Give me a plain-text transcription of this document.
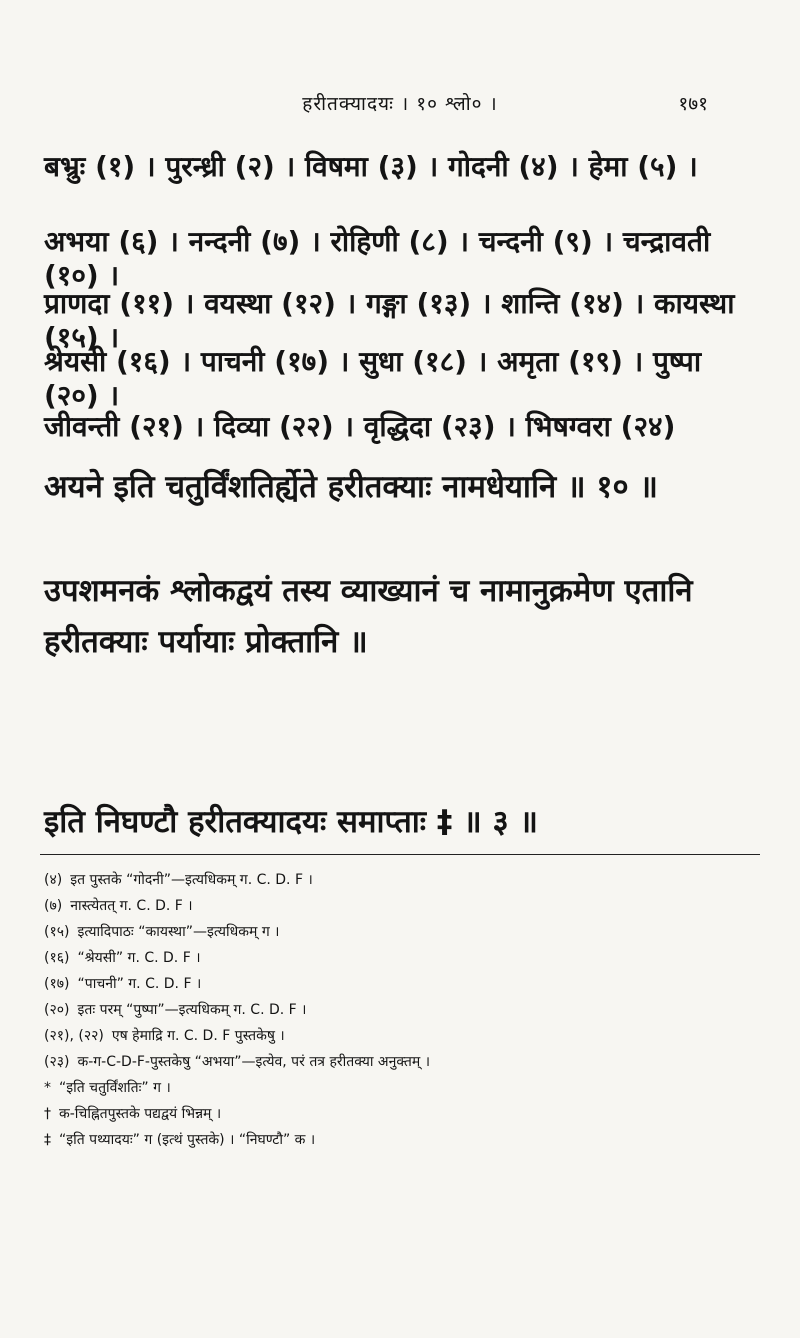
हरीतक्यादयः । १० श्लो० ।	१७१
बभ्रुः (१) । पुरन्ध्री (२) । विषमा (३) । गोदनी (४) । हेमा (५) ।
अभया (६) । नन्दनी (७) । रोहिणी (८) । चन्दनी (९) । चन्द्रावती (१०) ।
प्राणदा (११) । वयस्था (१२) । गङ्गा (१३) । शान्ति (१४) । कायस्था (१५) ।
श्रेयसी (१६) । पाचनी (१७) । सुधा (१८) । अमृता (१९) । पुष्पा (२०) ।
जीवन्ती (२१) । दिव्या (२२) । वृद्धिदा (२३) । भिषग्वरा (२४)
अयने इति चतुर्विंशतिर्ह्येते हरीतक्याः नामधेयानि ॥ १० ॥
उपशमनकं श्लोकद्वयं तस्य व्याख्यानं च नामानुक्रमेण एतानि हरीतक्याः पर्यायाः प्रोक्तानि ॥
इति निघण्टौ हरीतक्यादयः समाप्ताः ‡ ॥ ३ ॥
(४) इत पुस्तके “गोदनी”—इत्यधिकम् ग. C. D. F ।
(७) नास्त्येतत् ग. C. D. F ।
(१५) इत्यादिपाठः “कायस्था”—इत्यधिकम् ग ।
(१६) “श्रेयसी” ग. C. D. F ।
(१७) “पाचनी” ग. C. D. F ।
(२०) इतः परम् “पुष्पा”—इत्यधिकम् ग. C. D. F ।
(२१), (२२) एष हेमाद्रि ग. C. D. F पुस्तकेषु ।
(२३) क-ग-C-D-F-पुस्तकेषु “अभया”—इत्येव, परं तत्र हरीतक्या अनुक्तम् ।
* “इति चतुर्विंशतिः” ग ।
† क-चिह्नितपुस्तके पद्यद्वयं भिन्नम् ।
‡ “इति पथ्यादयः” ग (इत्थं पुस्तके) । “निघण्टौ” क ।
